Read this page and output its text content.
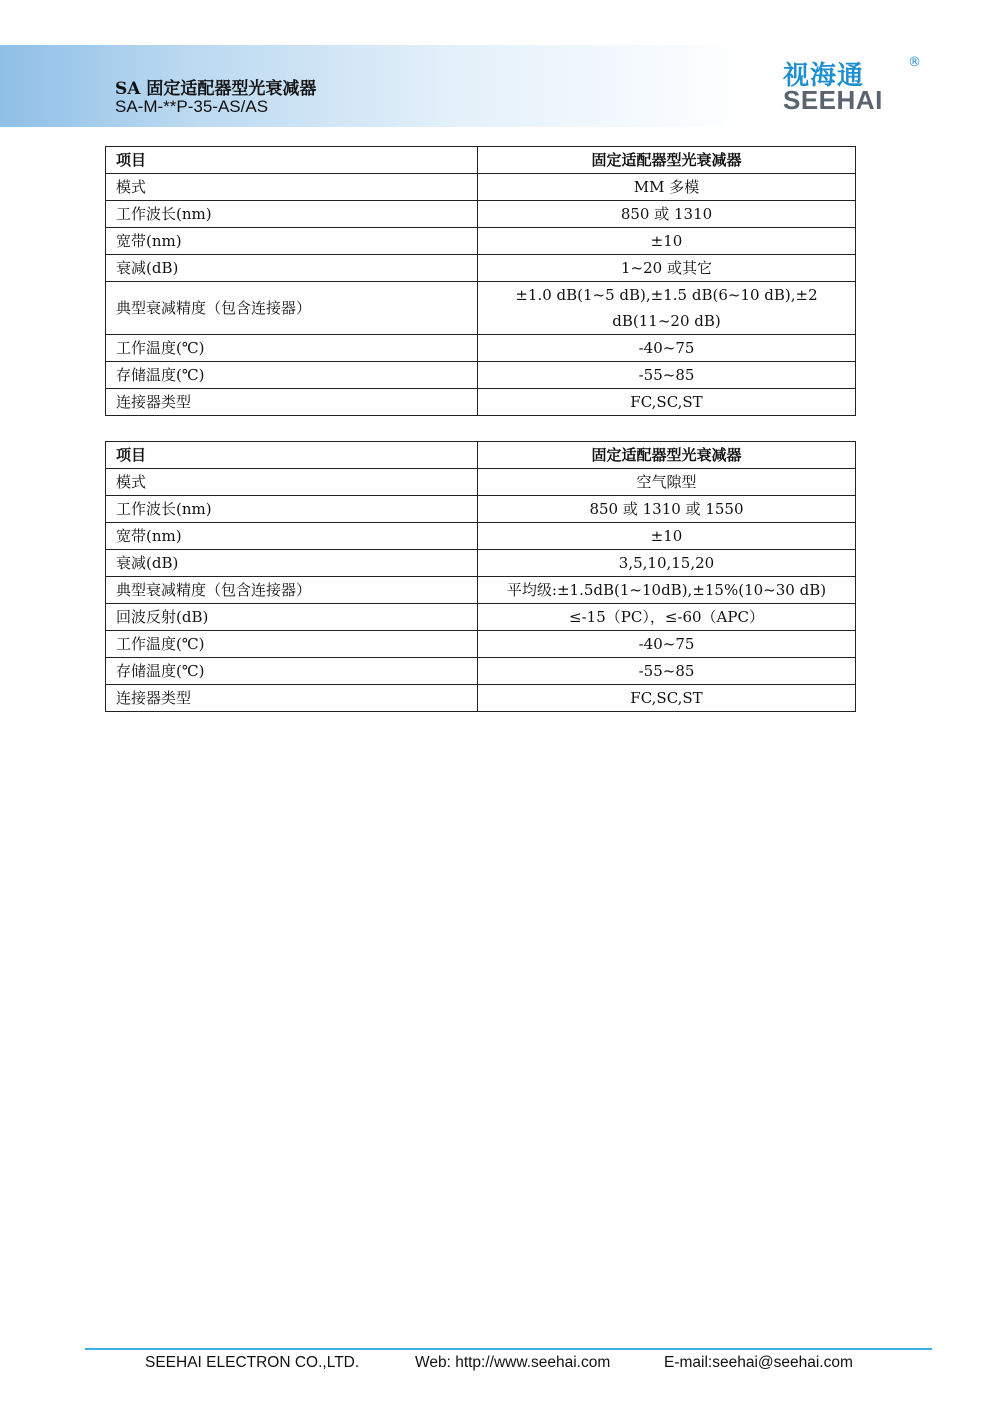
SA 固定适配器型光衰减器
SA-M-**P-35-AS/AS
视海通	®
SEEHAI
项目	固定适配器型光衰减器
模式	MM 多模
工作波长(nm)	850 或 1310
宽带(nm)	±10
衰减(dB)	1~20 或其它
典型衰减精度（包含连接器）	±1.0 dB(1~5 dB),±1.5 dB(6~10 dB),±2
dB(11~20 dB)

工作温度(℃)	-40~75
存储温度(℃)	-55~85
连接器类型	FC,SC,ST
项目	固定适配器型光衰减器
模式	空气隙型
工作波长(nm)	850 或 1310 或 1550
宽带(nm)	±10
衰减(dB)	3,5,10,15,20
典型衰减精度（包含连接器）	平均级:±1.5dB(1~10dB),±15%(10~30 dB)
回波反射(dB)	≤-15（PC），≤-60（APC）
工作温度(℃)	-40~75
存储温度(℃)	-55~85
连接器类型	FC,SC,ST
SEEHAI ELECTRON CO.,LTD.	Web: http://www.seehai.com	E-mail:seehai@seehai.com
